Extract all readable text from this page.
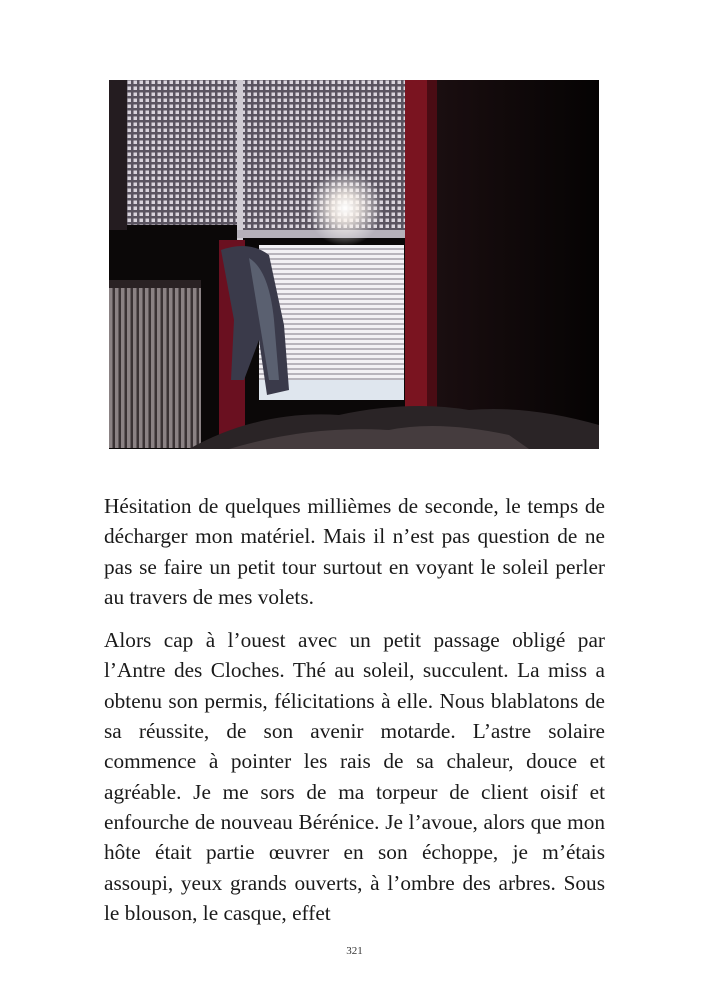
Hésitation de quelques millièmes de seconde, le temps de décharger mon matériel. Mais il n’est pas question de ne pas se faire un petit tour surtout en voyant le soleil perler au travers de mes volets.

Alors cap à l’ouest avec un petit passage obligé par l’Antre des Cloches. Thé au soleil, succulent. La miss a obtenu son permis, félicitations à elle. Nous blablatons de sa réussite, de son avenir motarde. L’astre solaire commence à pointer les rais de sa chaleur, douce et agréable. Je me sors de ma torpeur de client oisif et enfourche de nouveau Bérénice. Je l’avoue, alors que mon hôte était partie œuvrer en son échoppe, je m’étais assoupi, yeux grands ouverts, à l’ombre des arbres. Sous le blouson, le casque, effet

321
